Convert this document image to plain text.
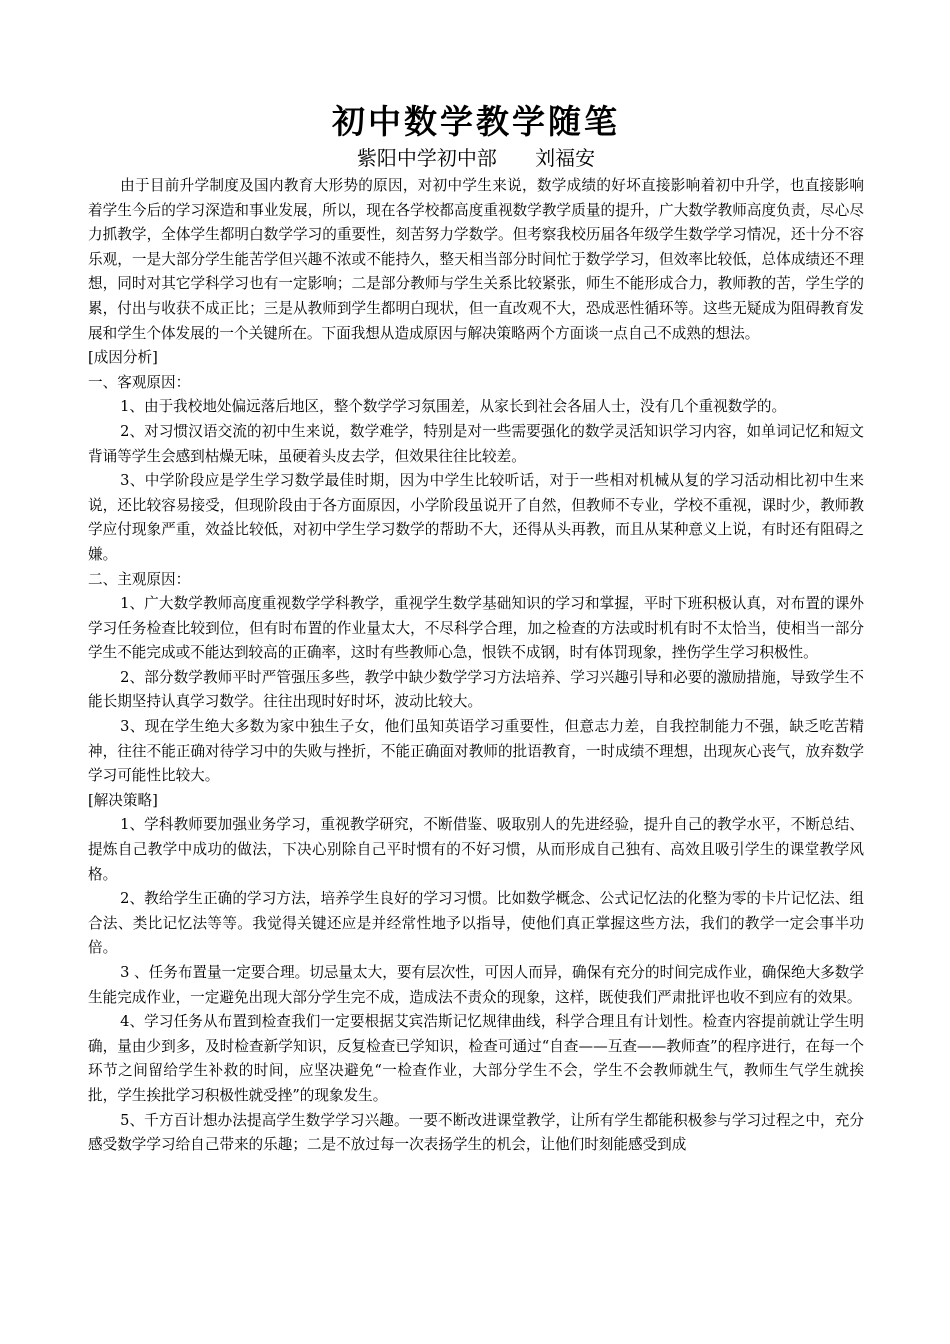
初中数学教学随笔
紫阳中学初中部      刘福安

由于目前升学制度及国内教育大形势的原因，对初中学生来说，数学成绩的好坏直接影响着初中升学，也直接影响着学生今后的学习深造和事业发展，所以，现在各学校都高度重视数学教学质量的提升，广大数学教师高度负责，尽心尽力抓教学，全体学生都明白数学学习的重要性，刻苦努力学数学。但考察我校历届各年级学生数学学习情况，还十分不容乐观，一是大部分学生能苦学但兴趣不浓或不能持久，整天相当部分时间忙于数学学习，但效率比较低，总体成绩还不理想，同时对其它学科学习也有一定影响；二是部分教师与学生关系比较紧张，师生不能形成合力，教师教的苦，学生学的累，付出与收获不成正比；三是从教师到学生都明白现状，但一直改观不大，恐成恶性循环等。这些无疑成为阻碍教育发展和学生个体发展的一个关键所在。下面我想从造成原因与解决策略两个方面谈一点自己不成熟的想法。

[成因分析]

一、客观原因：

1、由于我校地处偏远落后地区，整个数学学习氛围差，从家长到社会各届人士，没有几个重视数学的。

2、对习惯汉语交流的初中生来说，数学难学，特别是对一些需要强化的数学灵活知识学习内容，如单词记忆和短文背诵等学生会感到枯燥无味，虽硬着头皮去学，但效果往往比较差。

3、中学阶段应是学生学习数学最佳时期，因为中学生比较听话，对于一些相对机械从复的学习活动相比初中生来说，还比较容易接受，但现阶段由于各方面原因，小学阶段虽说开了自然，但教师不专业，学校不重视，课时少，教师教学应付现象严重，效益比较低，对初中学生学习数学的帮助不大，还得从头再教，而且从某种意义上说，有时还有阻碍之嫌。

二、主观原因：

1、广大数学教师高度重视数学学科教学，重视学生数学基础知识的学习和掌握，平时下班积极认真，对布置的课外学习任务检查比较到位，但有时布置的作业量太大，不尽科学合理，加之检查的方法或时机有时不太恰当，使相当一部分学生不能完成或不能达到较高的正确率，这时有些教师心急，恨铁不成钢，时有体罚现象，挫伤学生学习积极性。

2、部分数学教师平时严管强压多些，教学中缺少数学学习方法培养、学习兴趣引导和必要的激励措施，导致学生不能长期坚持认真学习数学。往往出现时好时坏，波动比较大。

3、现在学生绝大多数为家中独生子女，他们虽知英语学习重要性，但意志力差，自我控制能力不强，缺乏吃苦精神，往往不能正确对待学习中的失败与挫折，不能正确面对教师的批语教育，一时成绩不理想，出现灰心丧气，放弃数学学习可能性比较大。

[解决策略]

1、学科教师要加强业务学习，重视教学研究，不断借鉴、吸取别人的先进经验，提升自己的教学水平，不断总结、提炼自己教学中成功的做法，下决心别除自己平时惯有的不好习惯，从而形成自己独有、高效且吸引学生的课堂教学风格。

2、教给学生正确的学习方法，培养学生良好的学习习惯。比如数学概念、公式记忆法的化整为零的卡片记忆法、组合法、类比记忆法等等。我觉得关键还应是并经常性地予以指导，使他们真正掌握这些方法，我们的教学一定会事半功倍。

3 、任务布置量一定要合理。切忌量太大，要有层次性，可因人而异，确保有充分的时间完成作业，确保绝大多数学生能完成作业，一定避免出现大部分学生完不成，造成法不责众的现象，这样，既使我们严肃批评也收不到应有的效果。

4、学习任务从布置到检查我们一定要根据艾宾浩斯记忆规律曲线，科学合理且有计划性。检查内容提前就让学生明确，量由少到多，及时检查新学知识，反复检查已学知识，检查可通过“自查——互查——教师查”的程序进行，在每一个环节之间留给学生补救的时间，应坚决避免“一检查作业，大部分学生不会，学生不会教师就生气，教师生气学生就挨批，学生挨批学习积极性就受挫”的现象发生。

5、千方百计想办法提高学生数学学习兴趣。一要不断改进课堂教学，让所有学生都能积极参与学习过程之中，充分感受数学学习给自己带来的乐趣；二是不放过每一次表扬学生的机会，让他们时刻能感受到成
